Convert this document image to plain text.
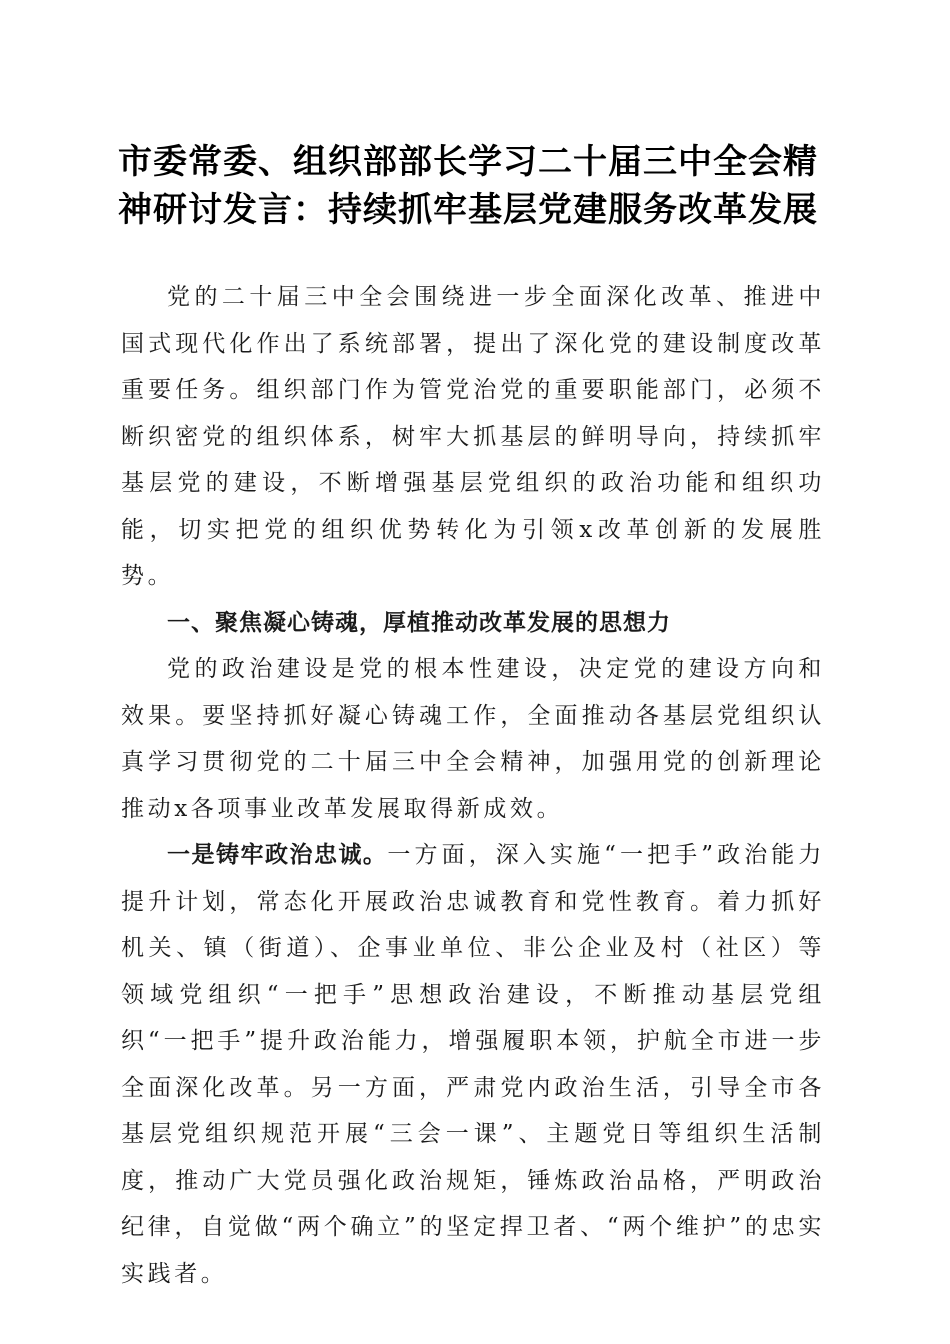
市委常委、组织部部长学习二十届三中全会精神研讨发言：持续抓牢基层党建服务改革发展

党的二十届三中全会围绕进一步全面深化改革、推进中国式现代化作出了系统部署，提出了深化党的建设制度改革重要任务。组织部门作为管党治党的重要职能部门，必须不断织密党的组织体系，树牢大抓基层的鲜明导向，持续抓牢基层党的建设，不断增强基层党组织的政治功能和组织功能，切实把党的组织优势转化为引领x改革创新的发展胜势。

一、聚焦凝心铸魂，厚植推动改革发展的思想力

党的政治建设是党的根本性建设，决定党的建设方向和效果。要坚持抓好凝心铸魂工作，全面推动各基层党组织认真学习贯彻党的二十届三中全会精神，加强用党的创新理论推动x各项事业改革发展取得新成效。

一是铸牢政治忠诚。一方面，深入实施“一把手”政治能力提升计划，常态化开展政治忠诚教育和党性教育。着力抓好机关、镇（街道）、企事业单位、非公企业及村（社区）等领域党组织“一把手”思想政治建设，不断推动基层党组织“一把手”提升政治能力，增强履职本领，护航全市进一步全面深化改革。另一方面，严肃党内政治生活，引导全市各基层党组织规范开展“三会一课”、主题党日等组织生活制度，推动广大党员强化政治规矩，锤炼政治品格，严明政治纪律，自觉做“两个确立”的坚定捍卫者、“两个维护”的忠实实践者。
